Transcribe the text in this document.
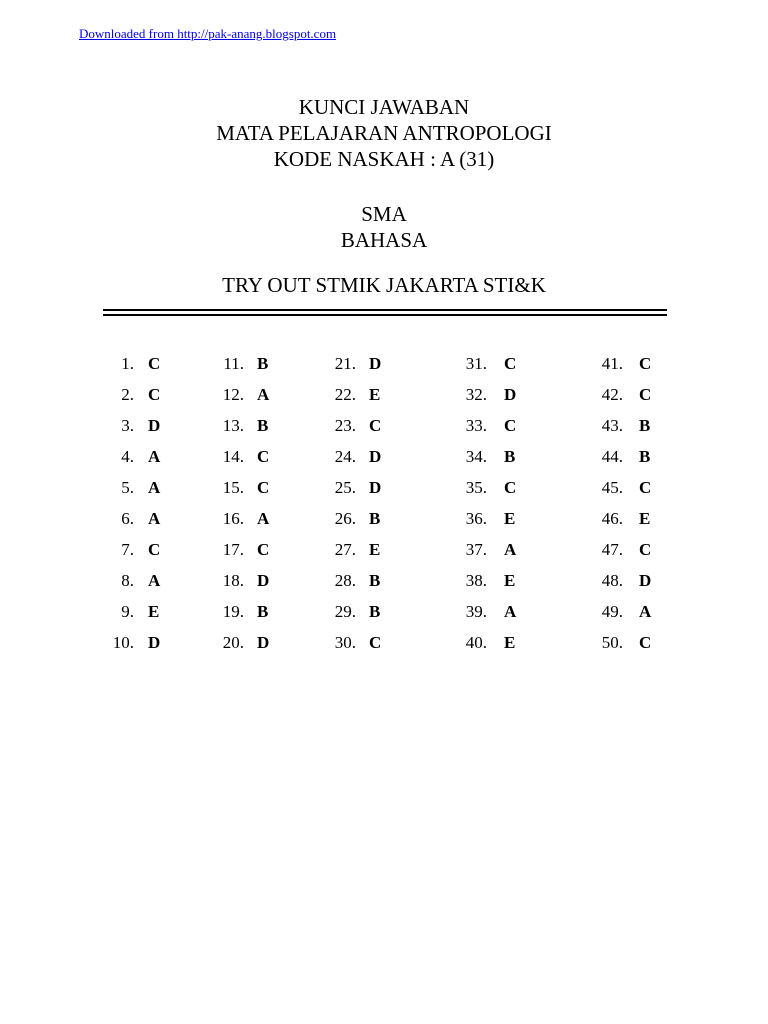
Downloaded from http://pak-anang.blogspot.com
KUNCI JAWABAN
MATA PELAJARAN ANTROPOLOGI
KODE NASKAH : A (31)
SMA
BAHASA
TRY OUT STMIK JAKARTA STI&K
1. C
2. C
3. D
4. A
5. A
6. A
7. C
8. A
9. E
10. D
11. B
12. A
13. B
14. C
15. C
16. A
17. C
18. D
19. B
20. D
21. D
22. E
23. C
24. D
25. D
26. B
27. E
28. B
29. B
30. C
31. C
32. D
33. C
34. B
35. C
36. E
37. A
38. E
39. A
40. E
41. C
42. C
43. B
44. B
45. C
46. E
47. C
48. D
49. A
50. C
